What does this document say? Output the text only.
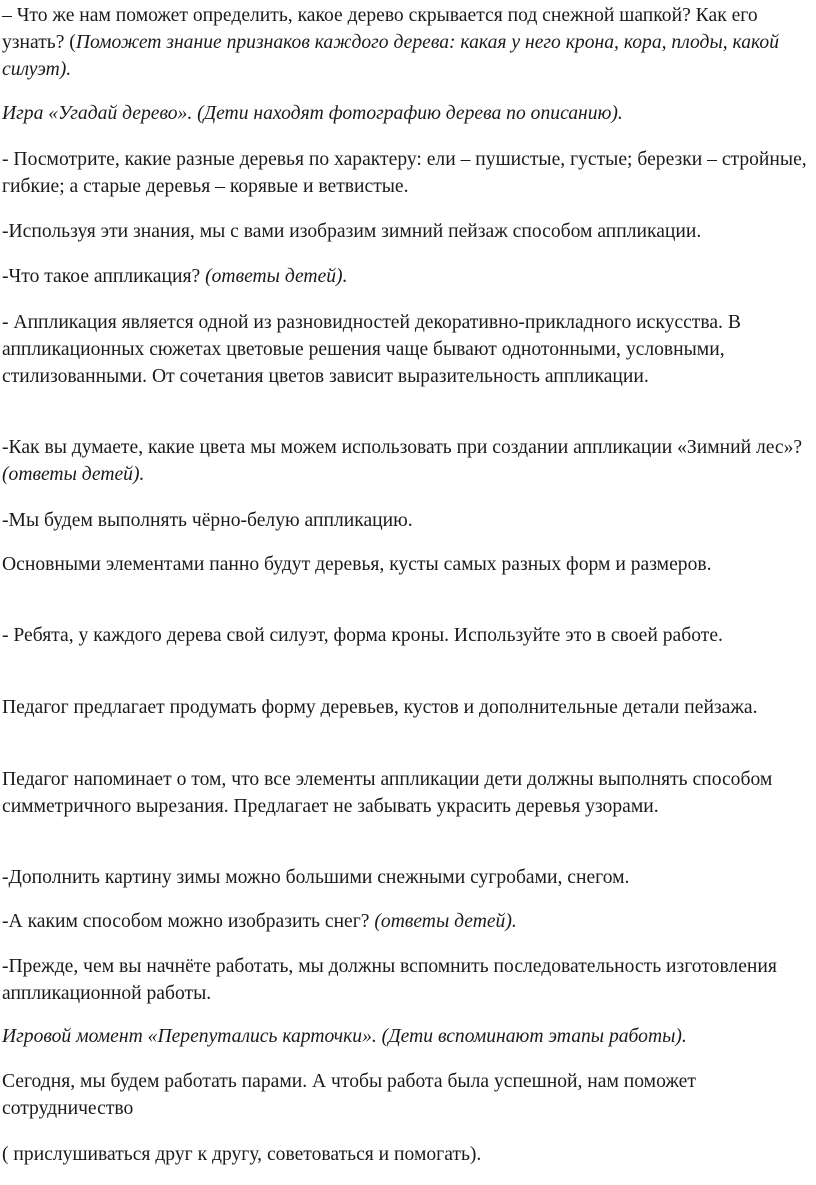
– Что же нам поможет определить, какое дерево скрывается под снежной шапкой? Как его узнать? (Поможет знание признаков каждого дерева: какая у него крона, кора, плоды, какой силуэт).

Игра «Угадай дерево». (Дети находят фотографию дерева по описанию).

- Посмотрите, какие разные деревья по характеру: ели – пушистые, густые; березки – стройные, гибкие; а старые деревья – корявые и ветвистые.

-Используя эти знания, мы с вами изобразим зимний пейзаж способом аппликации.

-Что такое аппликация? (ответы детей).

- Аппликация является одной из разновидностей декоративно-прикладного искусства. В аппликационных сюжетах цветовые решения чаще бывают однотонными, условными, стилизованными. От сочетания цветов зависит выразительность аппликации.

-Как вы думаете, какие цвета мы можем использовать при создании аппликации «Зимний лес»? (ответы детей).

-Мы будем выполнять чёрно-белую аппликацию.

Основными элементами панно будут деревья, кусты самых разных форм и размеров.

- Ребята, у каждого дерева свой силуэт, форма кроны. Используйте это в своей работе.

Педагог предлагает продумать форму деревьев, кустов и дополнительные детали пейзажа.

Педагог напоминает о том, что все элементы аппликации дети должны выполнять способом симметричного вырезания. Предлагает не забывать украсить деревья узорами.

-Дополнить картину зимы можно большими снежными сугробами, снегом.

-А каким способом можно изобразить снег? (ответы детей).

-Прежде, чем вы начнёте работать, мы должны вспомнить последовательность изготовления аппликационной работы.

Игровой момент «Перепутались карточки». (Дети вспоминают этапы работы).

Сегодня, мы будем работать парами. А чтобы работа была успешной, нам поможет сотрудничество

( прислушиваться друг к другу, советоваться и помогать).
